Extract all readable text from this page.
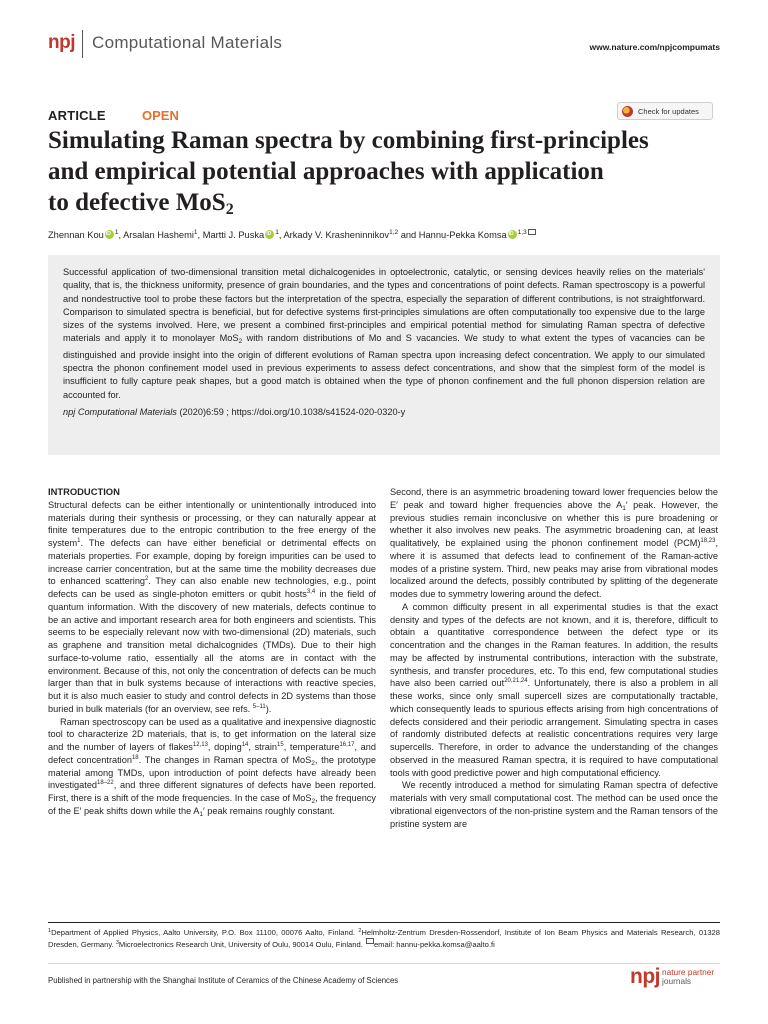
npj Computational Materials	www.nature.com/npjcompumats
ARTICLE	OPEN	Check for updates
Simulating Raman spectra by combining first-principles
and empirical potential approaches with application
to defective MoS$_2$
Zhennan Kou iD $^1$, Arsalan Hashemi$^1$, Martti J. Puska iD $^1$, Arkady V. Krasheninnikov$^{1,2}$ and Hannu-Pekka Komsa iD $^{1,3}$

Successful application of two-dimensional transition metal dichalcogenides in optoelectronic, catalytic, or sensing devices heavily relies on the materials' quality, that is, the thickness uniformity, presence of grain boundaries, and the types and concentrations of point defects. Raman spectroscopy is a powerful and nondestructive tool to probe these factors but the interpretation of the spectra, especially the separation of different contributions, is not straightforward. Comparison to simulated spectra is beneficial, but for defective systems first-principles simulations are often computationally too expensive due to the large sizes of the systems involved. Here, we present a combined first-principles and empirical potential method for simulating Raman spectra of defective materials and apply it to monolayer MoS$_2$ with random distributions of Mo and S vacancies. We study to what extent the types of vacancies can be distinguished and provide insight into the origin of different evolutions of Raman spectra upon increasing defect concentration. We apply to our simulated spectra the phonon confinement model used in previous experiments to assess defect concentrations, and show that the simplest form of the model is insufficient to fully capture peak shapes, but a good match is obtained when the type of phonon confinement and the full phonon dispersion relation are accounted for.

npj Computational Materials (2020)6:59 ; https://doi.org/10.1038/s41524-020-0320-y

INTRODUCTION

Structural defects can be either intentionally or unintentionally introduced into materials during their synthesis or processing, or they can naturally appear at finite temperatures due to the entropic contribution to the free energy of the system$^1$. The defects can have either beneficial or detrimental effects on materials properties. For example, doping by foreign impurities can be used to increase carrier concentration, but at the same time the mobility decreases due to enhanced scattering$^2$. They can also enable new technologies, e.g., point defects can be used as single-photon emitters or qubit hosts$^{3,4}$ in the field of quantum information. With the discovery of new materials, defects continue to be an active and important research area for both engineers and scientists. This seems to be especially relevant now with two-dimensional (2D) materials, such as graphene and transition metal dichalcognides (TMDs). Due to their high surface-to-volume ratio, essentially all the atoms are in contact with the environment. Because of this, not only the concentration of defects can be much larger than that in bulk systems because of interactions with reactive species, but it is also much easier to study and control defects in 2D systems than those buried in bulk materials (for an overview, see refs. $^{5-11}$).

Raman spectroscopy can be used as a qualitative and inexpensive diagnostic tool to characterize 2D materials, that is, to get information on the lateral size and the number of layers of flakes$^{12,13}$, doping$^{14}$, strain$^{15}$, temperature$^{16,17}$, and defect concentration$^{18}$. The changes in Raman spectra of MoS$_2$, the prototype material among TMDs, upon introduction of point defects have already been investigated$^{18-22}$, and three different signatures of defects have been reported. First, there is a shift of the mode frequencies. In the case of MoS$_2$, the frequency of the E′ peak shifts down while the $A_1'$ peak remains roughly constant.

Second, there is an asymmetric broadening toward lower frequencies below the E′ peak and toward higher frequencies above the $A_1'$ peak. However, the previous studies remain inconclusive on whether this is pure broadening or whether it also involves new peaks. The asymmetric broadening can, at least qualitatively, be explained using the phonon confinement model (PCM)$^{18,23}$, where it is assumed that defects lead to confinement of the Raman-active modes of a pristine system. Third, new peaks may arise from vibrational modes localized around the defects, possibly contributed by splitting of the degenerate modes due to symmetry lowering around the defect.

A common difficulty present in all experimental studies is that the exact density and types of the defects are not known, and it is, therefore, difficult to obtain a quantitative correspondence between the defect type or its concentration and the changes in the Raman features. In addition, the results may be affected by instrumental contributions, interaction with the substrate, synthesis, and transfer procedures, etc. To this end, few computational studies have also been carried out$^{20,21,24}$. Unfortunately, there is also a problem in all these works, since only small supercell sizes are computationally tractable, which consequently leads to spurious effects arising from high concentrations of defects considered and their periodic arrangement. Simulating spectra in cases of randomly distributed defects at realistic concentrations requires very large supercells. Therefore, in order to advance the understanding of the changes observed in the measured Raman spectra, it is required to have computational tools with good predictive power and high computational efficiency.

We recently introduced a method for simulating Raman spectra of defective materials with very small computational cost. The method can be used once the vibrational eigenvectors of the non-pristine system and the Raman tensors of the pristine system are

$^1$Department of Applied Physics, Aalto University, P.O. Box 11100, 00076 Aalto, Finland. $^2$Helmholtz-Zentrum Dresden-Rossendorf, Institute of Ion Beam Physics and Materials Research, 01328 Dresden, Germany. $^3$Microelectronics Research Unit, University of Oulu, 90014 Oulu, Finland. email: hannu-pekka.komsa@aalto.fi
Published in partnership with the Shanghai Institute of Ceramics of the Chinese Academy of Sciences	npj nature partner
journals
